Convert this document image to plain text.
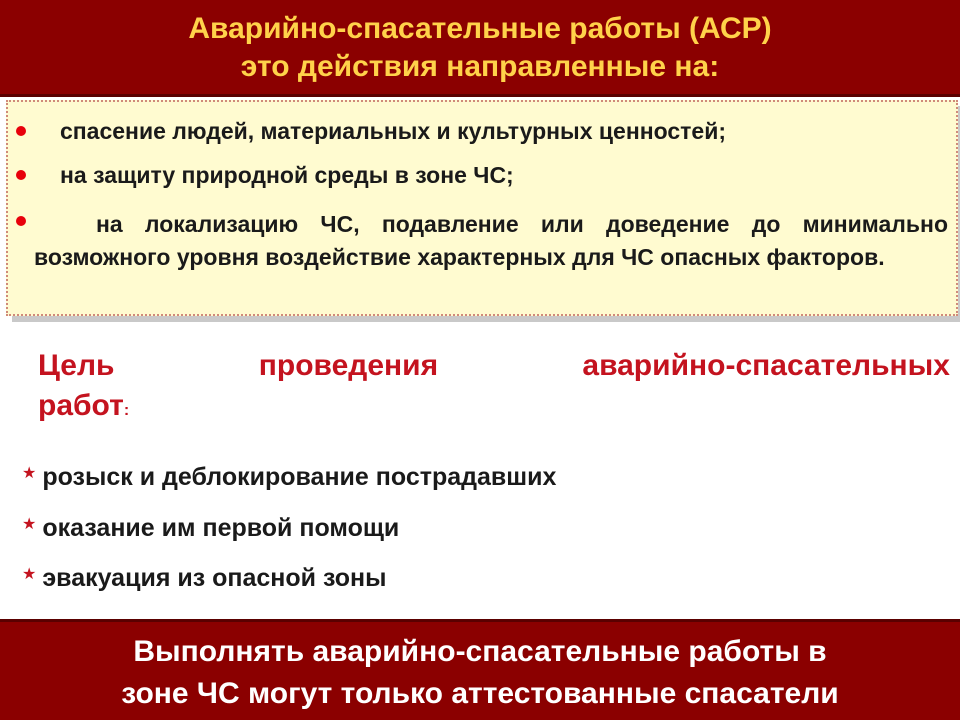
Аварийно-спасательные работы (АСР)
это действия направленные на:
спасение людей, материальных и культурных ценностей;
на защиту природной среды в зоне ЧС;
на локализацию ЧС, подавление или доведение до минимально возможного уровня воздействие характерных для ЧС опасных факторов.
Цель	проведения	аварийно-спасательных
работ:
★ розыск и деблокирование пострадавших
★ оказание им первой помощи
★ эвакуация из опасной зоны
Выполнять аварийно-спасательные работы в
зоне ЧС могут только аттестованные спасатели
